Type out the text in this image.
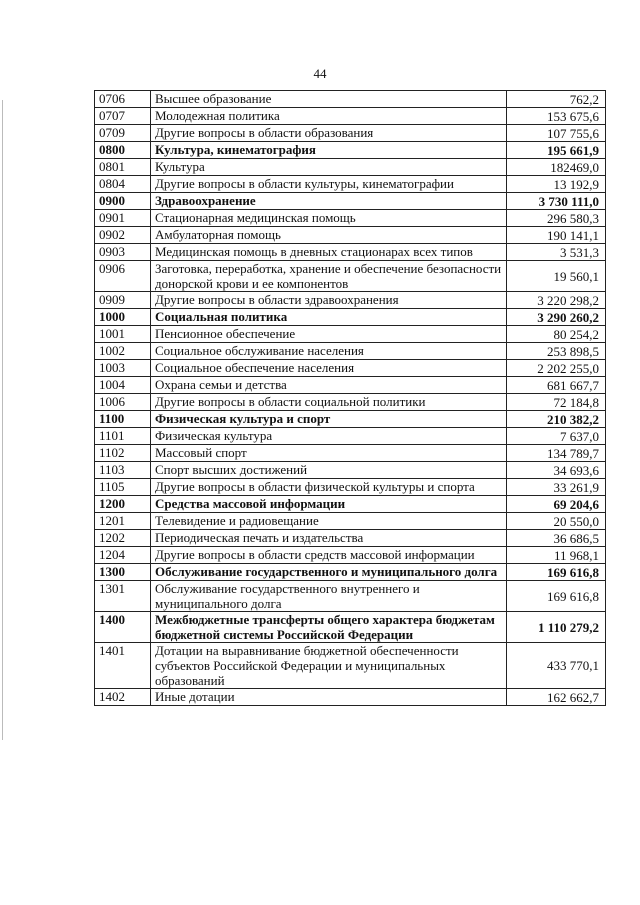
44
0706	Высшее образование	762,2
0707	Молодежная политика	153 675,6
0709	Другие вопросы в области образования	107 755,6
0800	Культура, кинематография	195 661,9
0801	Культура	182469,0
0804	Другие вопросы в области культуры, кинематографии	13 192,9
0900	Здравоохранение	3 730 111,0
0901	Стационарная медицинская помощь	296 580,3
0902	Амбулаторная помощь	190 141,1
0903	Медицинская помощь в дневных стационарах всех типов	3 531,3
0906	Заготовка, переработка, хранение и обеспечение безопасности донорской крови и ее компонентов	19 560,1
0909	Другие вопросы в области здравоохранения	3 220 298,2
1000	Социальная политика	3 290 260,2
1001	Пенсионное обеспечение	80 254,2
1002	Социальное обслуживание населения	253 898,5
1003	Социальное обеспечение населения	2 202 255,0
1004	Охрана семьи и детства	681 667,7
1006	Другие вопросы в области социальной политики	72 184,8
1100	Физическая культура и спорт	210 382,2
1101	Физическая культура	7 637,0
1102	Массовый спорт	134 789,7
1103	Спорт высших достижений	34 693,6
1105	Другие вопросы в области физической культуры и спорта	33 261,9
1200	Средства массовой информации	69 204,6
1201	Телевидение и радиовещание	20 550,0
1202	Периодическая печать и издательства	36 686,5
1204	Другие вопросы в области средств массовой информации	11 968,1
1300	Обслуживание государственного и муниципального долга	169 616,8
1301	Обслуживание государственного внутреннего и муниципального долга	169 616,8
1400	Межбюджетные трансферты общего характера бюджетам бюджетной системы Российской Федерации	1 110 279,2
1401	Дотации на выравнивание бюджетной обеспеченности субъектов Российской Федерации и муниципальных образований	433 770,1
1402	Иные дотации	162 662,7
